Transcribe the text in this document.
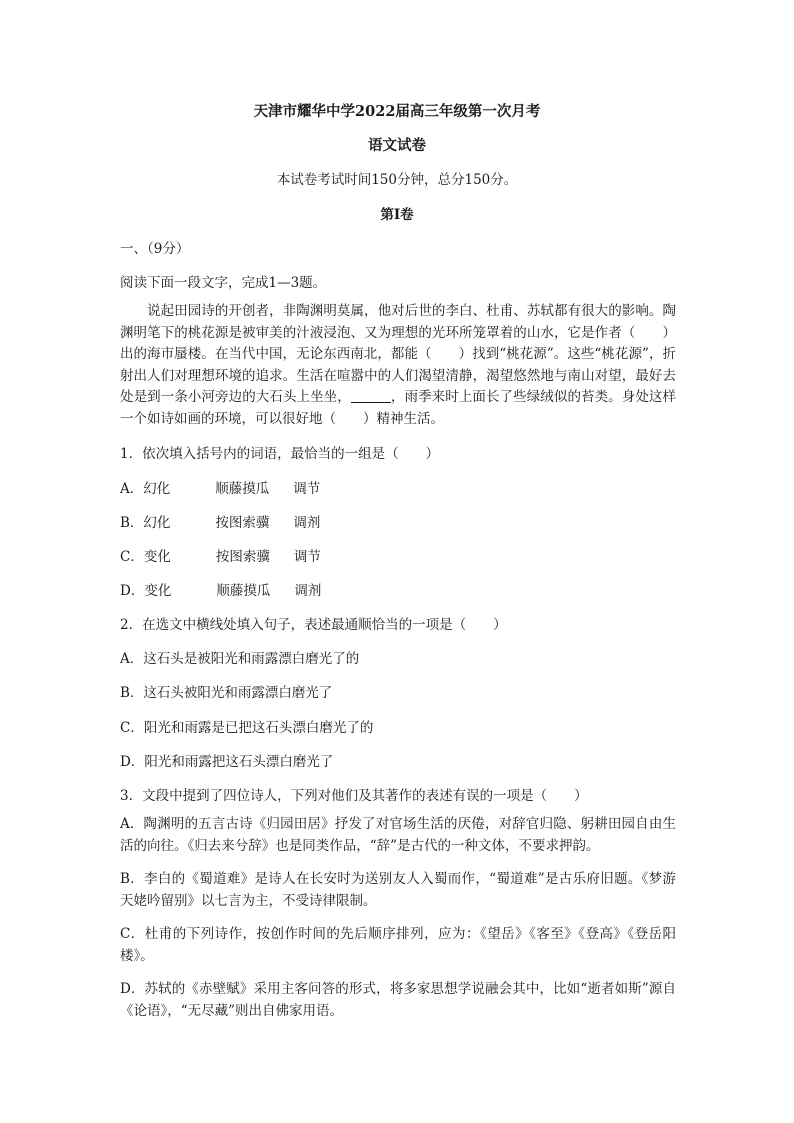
天津市耀华中学2022届高三年级第一次月考
语文试卷
本试卷考试时间150分钟，总分150分。
第Ⅰ卷
一、（9分）
阅读下面一段文字，完成1—3题。
说起田园诗的开创者，非陶渊明莫属，他对后世的李白、杜甫、苏轼都有很大的影响。陶渊明笔下的桃花源是被审美的汁液浸泡、又为理想的光环所笼罩着的山水，它是作者（　　）出的海市蜃楼。在当代中国，无论东西南北，都能（　　）找到“桃花源”。这些“桃花源”，折射出人们对理想环境的追求。生活在喧嚣中的人们渴望清静，渴望悠然地与南山对望，最好去处是到一条小河旁边的大石头上坐坐，	，雨季来时上面长了些绿绒似的苔类。身处这样一个如诗如画的环境，可以很好地（　　）精神生活。
1．依次填入括号内的词语，最恰当的一组是（　　）
A．幻化	顺藤摸瓜 调节
B．幻化	按图索骥 调剂
C．变化	按图索骥 调节
D．变化	顺藤摸瓜 调剂
2．在选文中横线处填入句子，表述最通顺恰当的一项是（　　）
A．这石头是被阳光和雨露漂白磨光了的
B．这石头被阳光和雨露漂白磨光了
C．阳光和雨露是已把这石头漂白磨光了的
D．阳光和雨露把这石头漂白磨光了
3．文段中提到了四位诗人，下列对他们及其著作的表述有误的一项是（　　）
A．陶渊明的五言古诗《归园田居》抒发了对官场生活的厌倦，对辞官归隐、躬耕田园自由生活的向往。《归去来兮辞》也是同类作品，“辞”是古代的一种文体，不要求押韵。
B．李白的《蜀道难》是诗人在长安时为送别友人入蜀而作，“蜀道难”是古乐府旧题。《梦游天姥吟留别》以七言为主，不受诗律限制。
C．杜甫的下列诗作，按创作时间的先后顺序排列，应为：《望岳》《客至》《登高》《登岳阳楼》。
D．苏轼的《赤壁赋》采用主客问答的形式，将多家思想学说融会其中，比如“逝者如斯”源自《论语》，“无尽藏”则出自佛家用语。
